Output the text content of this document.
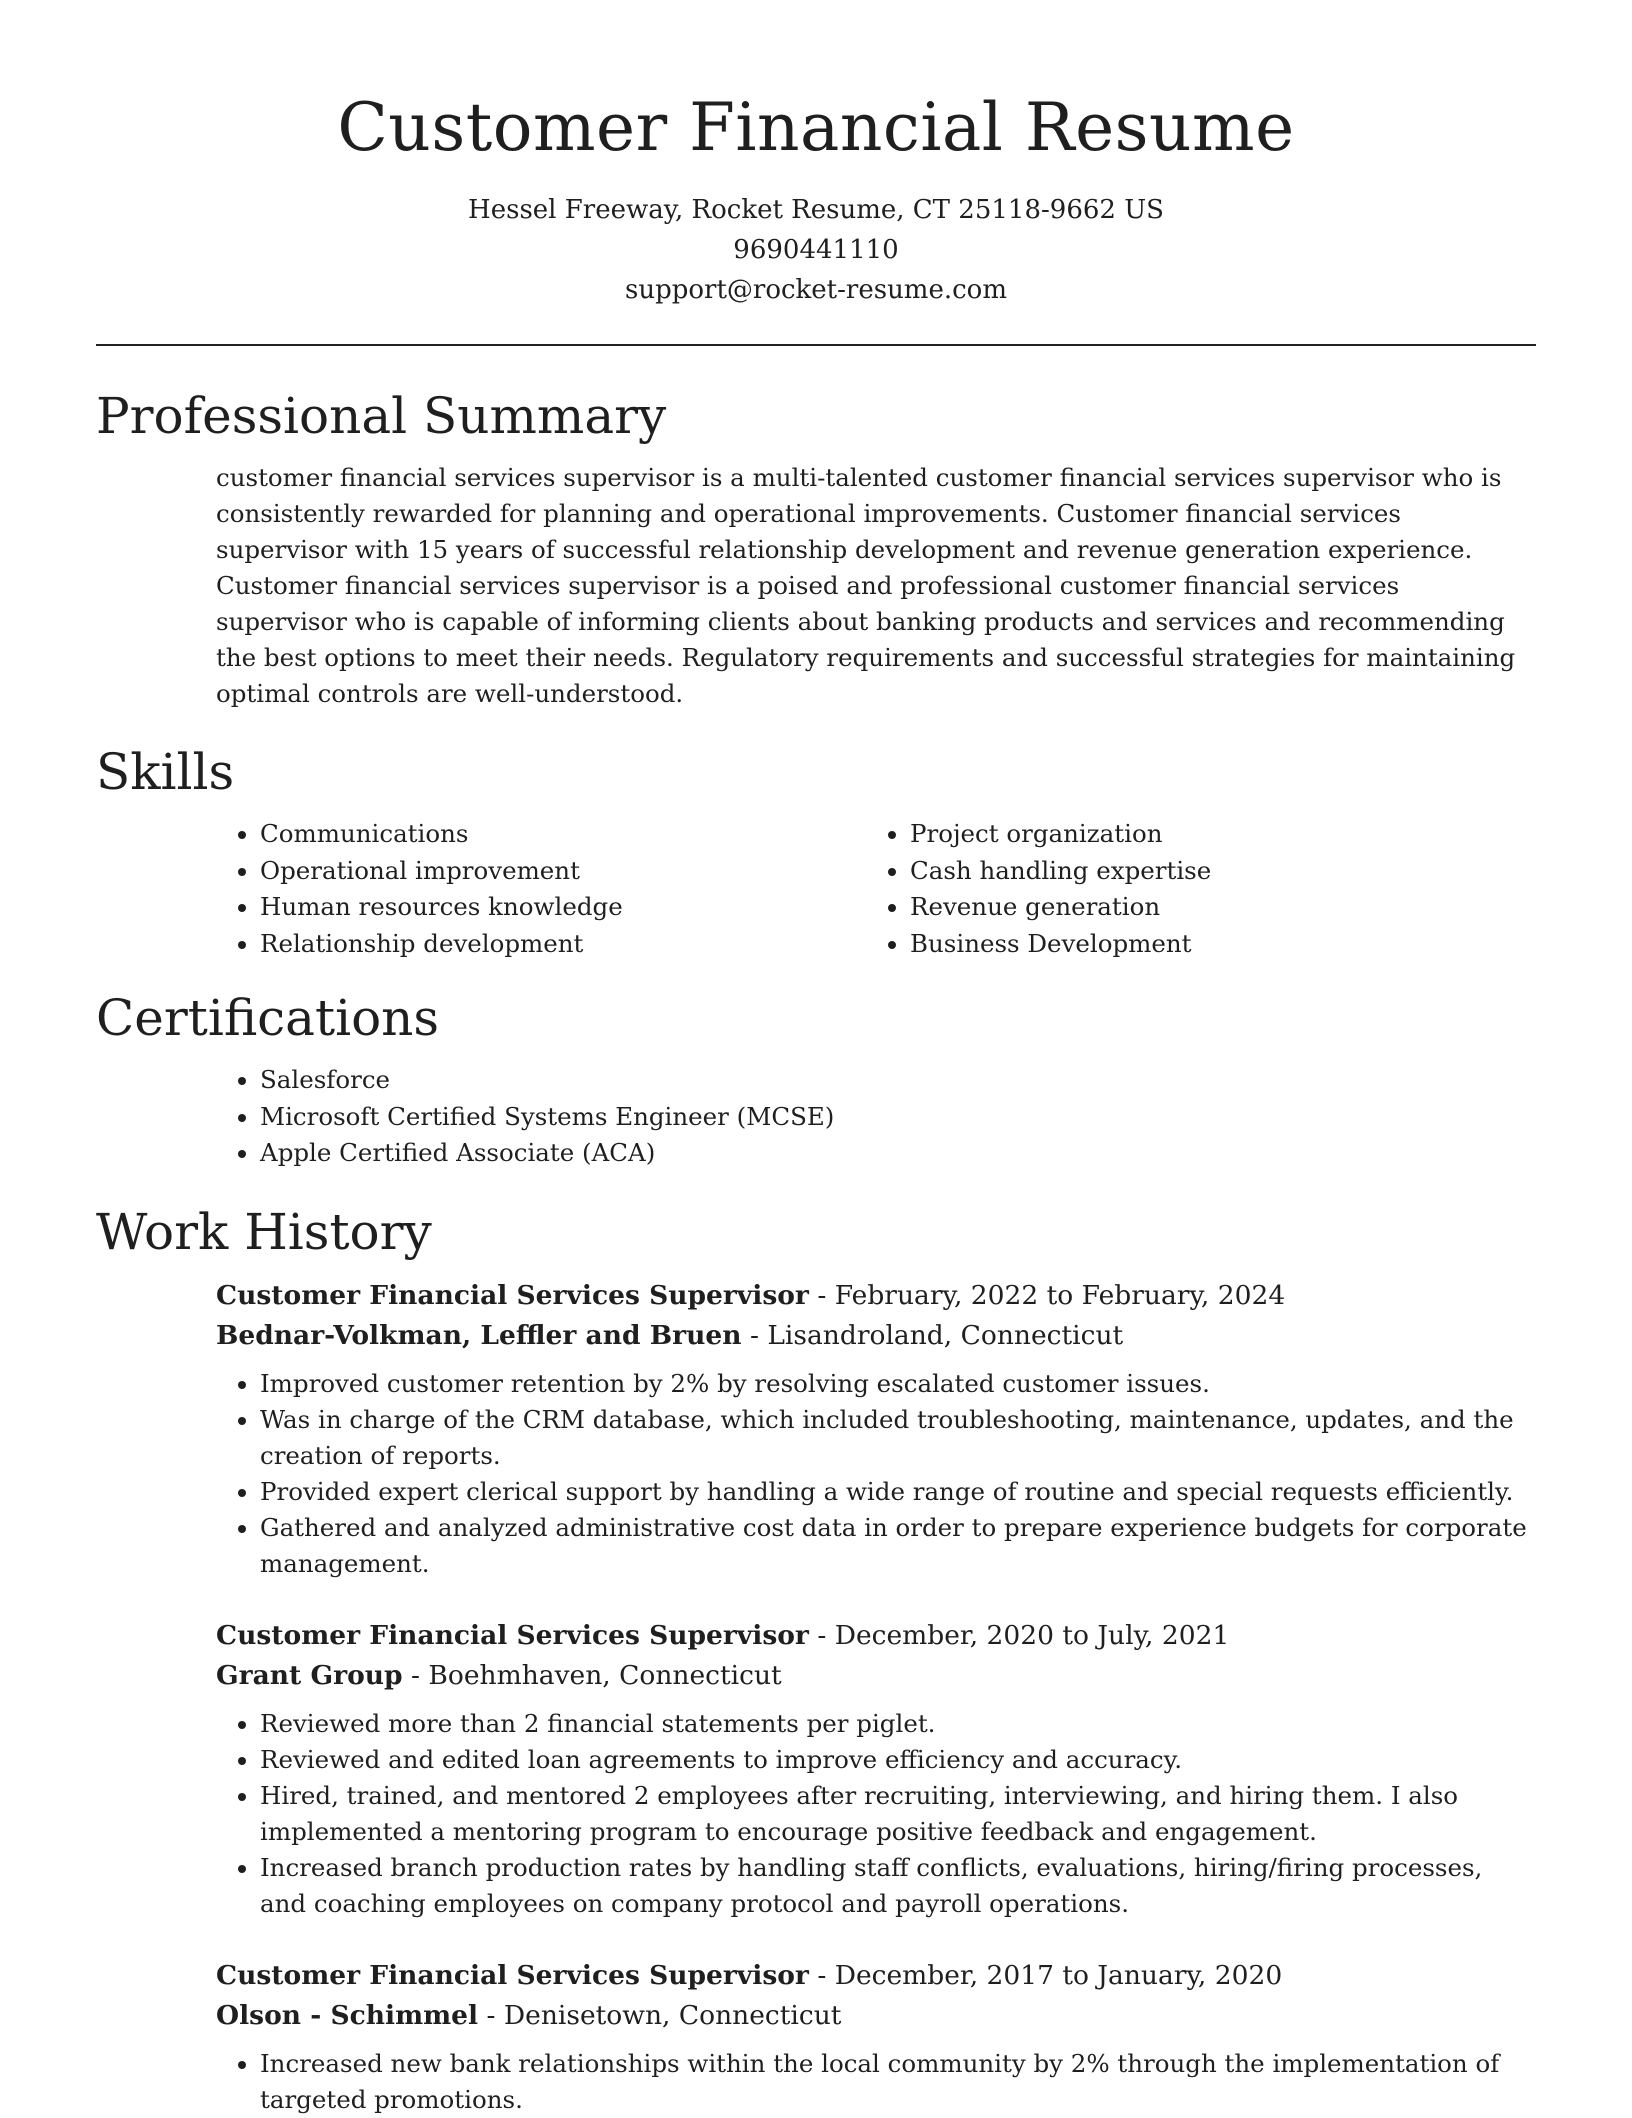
Customer Financial Resume
Hessel Freeway, Rocket Resume, CT 25118-9662 US
9690441110
support@rocket-resume.com
Professional Summary

customer financial services supervisor is a multi-talented customer financial services supervisor who is consistently rewarded for planning and operational improvements. Customer financial services supervisor with 15 years of successful relationship development and revenue generation experience. Customer financial services supervisor is a poised and professional customer financial services supervisor who is capable of informing clients about banking products and services and recommending the best options to meet their needs. Regulatory requirements and successful strategies for maintaining optimal controls are well-understood.

Skills
• Communications
• Operational improvement
• Human resources knowledge
• Relationship development
• Project organization
• Cash handling expertise
• Revenue generation
• Business Development
Certifications
• Salesforce
• Microsoft Certified Systems Engineer (MCSE)
• Apple Certified Associate (ACA)
Work History
Customer Financial Services Supervisor - February, 2022 to February, 2024
Bednar-Volkman, Leffler and Bruen - Lisandroland, Connecticut
• Improved customer retention by 2% by resolving escalated customer issues.
• Was in charge of the CRM database, which included troubleshooting, maintenance, updates, and the creation of reports.
• Provided expert clerical support by handling a wide range of routine and special requests efficiently.
• Gathered and analyzed administrative cost data in order to prepare experience budgets for corporate management.
Customer Financial Services Supervisor - December, 2020 to July, 2021
Grant Group - Boehmhaven, Connecticut
• Reviewed more than 2 financial statements per piglet.
• Reviewed and edited loan agreements to improve efficiency and accuracy.
• Hired, trained, and mentored 2 employees after recruiting, interviewing, and hiring them. I also implemented a mentoring program to encourage positive feedback and engagement.
• Increased branch production rates by handling staff conflicts, evaluations, hiring/firing processes, and coaching employees on company protocol and payroll operations.
Customer Financial Services Supervisor - December, 2017 to January, 2020
Olson - Schimmel - Denisetown, Connecticut
• Increased new bank relationships within the local community by 2% through the implementation of targeted promotions.
